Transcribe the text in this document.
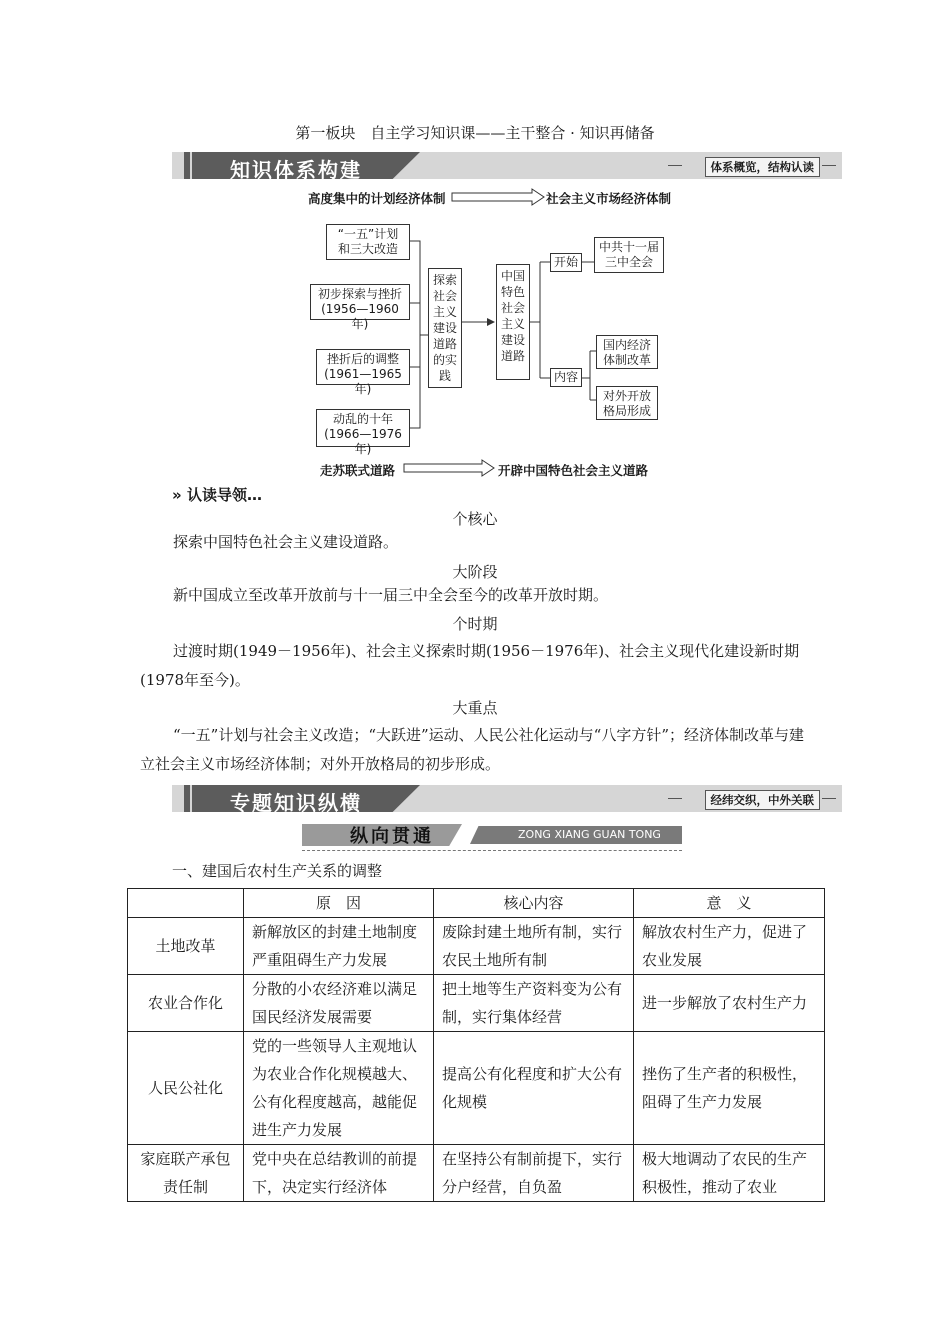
第一板块　自主学习知识课——主干整合 · 知识再储备
知识体系构建	体系概览，结构认读
高度集中的计划经济体制	社会主义市场经济体制
“一五”计划
和三大改造
初步探索与挫折
(1956—1960年)
挫折后的调整
(1961—1965年)
动乱的十年
(1966—1976年)
探索社会主义建设道路的实践
中国特色社会主义建设道路
开始
中共十一届
三中全会
内容
国内经济
体制改革
对外开放
格局形成
走苏联式道路	开辟中国特色社会主义道路
» 认读导领…
个核心
探索中国特色社会主义建设道路。
大阶段
新中国成立至改革开放前与十一届三中全会至今的改革开放时期。
个时期
过渡时期(1949－1956年)、社会主义探索时期(1956－1976年)、社会主义现代化建设新时期(1978年至今)。
大重点
“一五”计划与社会主义改造；“大跃进”运动、人民公社化运动与“八字方针”；经济体制改革与建立社会主义市场经济体制；对外开放格局的初步形成。
专题知识纵横	经纬交织，中外关联
纵向贯通	ZONG XIANG GUAN TONG
一、建国后农村生产关系的调整
	原　因	核心内容	意　义
土地改革	新解放区的封建土地制度严重阻碍生产力发展	废除封建土地所有制，实行农民土地所有制	解放农村生产力，促进了农业发展
农业合作化	分散的小农经济难以满足国民经济发展需要	把土地等生产资料变为公有制，实行集体经营	进一步解放了农村生产力
人民公社化	党的一些领导人主观地认为农业合作化规模越大、公有化程度越高，越能促进生产力发展	提高公有化程度和扩大公有化规模	挫伤了生产者的积极性，阻碍了生产力发展
家庭联产承包责任制	党中央在总结教训的前提下，决定实行经济体	在坚持公有制前提下，实行分户经营，自负盈	极大地调动了农民的生产积极性，推动了农业
